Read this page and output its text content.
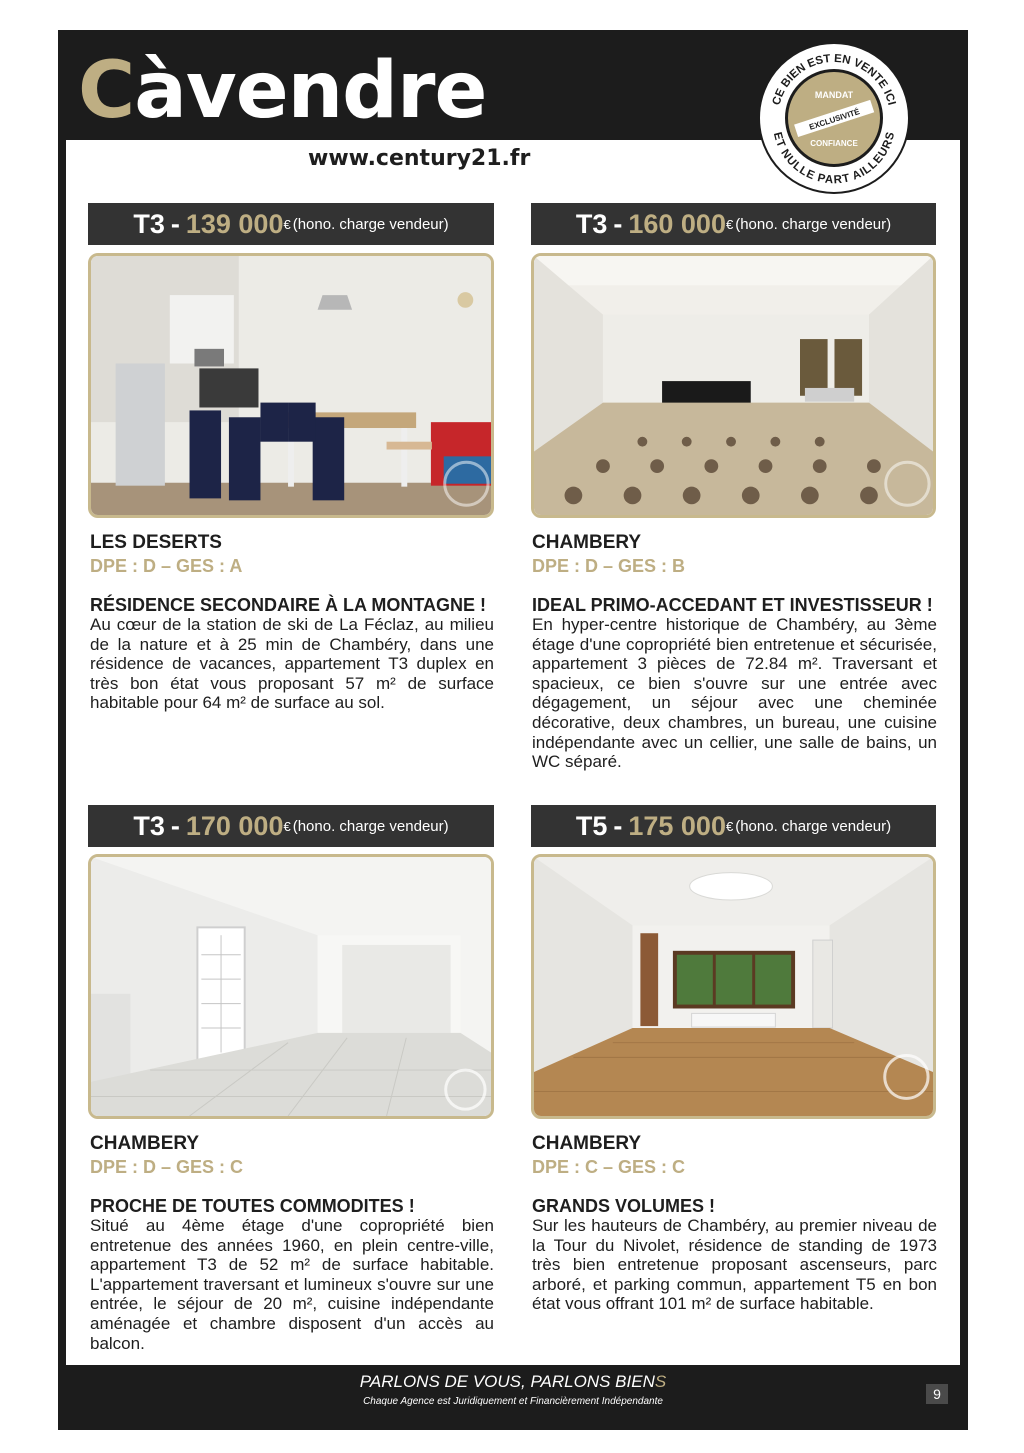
Càvendre
www.century21.fr
CE BIEN EST EN VENTE ICI
ET NULLE PART AILLEURS
MANDAT
EXCLUSIVITÉ
CONFIANCE
T3 - 139 000 € (hono. charge vendeur)
LES DESERTS
DPE : D – GES : A
RÉSIDENCE SECONDAIRE À LA MONTAGNE !
Au cœur de la station de ski de La Féclaz, au milieu de la nature et à 25 min de Chambéry, dans une résidence de vacances, appartement T3 duplex en très bon état vous proposant 57 m² de surface habitable pour 64 m² de surface au sol.
T3 - 160 000 € (hono. charge vendeur)
CHAMBERY
DPE : D – GES : B
IDEAL PRIMO-ACCEDANT ET INVESTISSEUR !
En hyper-centre historique de Chambéry, au 3ème étage d'une copropriété bien entretenue et sécurisée, appartement 3 pièces de 72.84 m². Traversant et spacieux, ce bien s'ouvre sur une entrée avec dégagement, un séjour avec une cheminée décorative, deux chambres, un bureau, une cuisine indépendante avec un cellier, une salle de bains, un WC séparé.
T3 - 170 000 € (hono. charge vendeur)
CHAMBERY
DPE : D – GES : C
PROCHE DE TOUTES COMMODITES !
Situé au 4ème étage d'une copropriété bien entretenue des années 1960, en plein centre-ville, appartement T3 de 52 m² de surface habitable. L'appartement traversant et lumineux s'ouvre sur une entrée, le séjour de 20 m², cuisine indépendante aménagée et chambre disposent d'un accès au balcon.
T5 - 175 000 € (hono. charge vendeur)
CHAMBERY
DPE : C – GES : C
GRANDS VOLUMES !
Sur les hauteurs de Chambéry, au premier niveau de la Tour du Nivolet, résidence de standing de 1973 très bien entretenue proposant ascenseurs, parc arboré, et parking commun, appartement T5 en bon état vous offrant 101 m² de surface habitable.
PARLONS DE VOUS, PARLONS BIENS
Chaque Agence est Juridiquement et Financièrement Indépendante	9
